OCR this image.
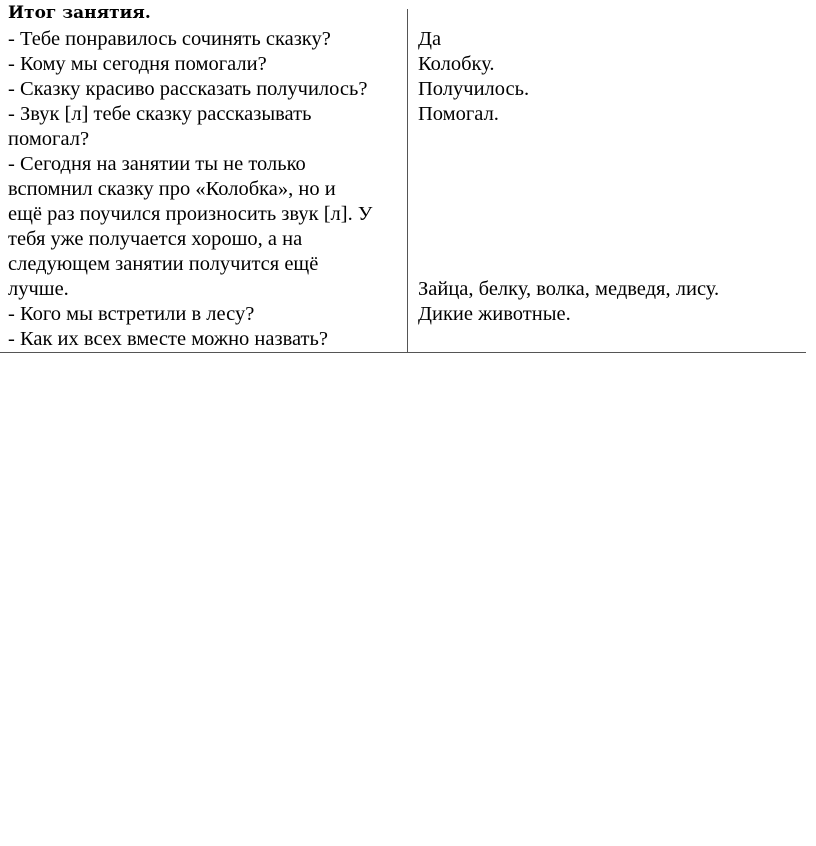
Итог занятия.
- Тебе понравилось сочинять сказку?
- Кому мы сегодня помогали?
- Сказку красиво рассказать получилось?
- Звук [л] тебе сказку рассказывать
помогал?
- Сегодня на занятии ты не только
вспомнил сказку про «Колобка», но и
ещё раз поучился произносить звук [л]. У
тебя уже получается хорошо, а на
следующем занятии получится ещё
лучше.
- Кого мы встретили в лесу?
- Как их всех вместе можно назвать?
Да
Колобку.
Получилось.
Помогал.
Зайца, белку, волка, медведя, лису.
Дикие животные.
